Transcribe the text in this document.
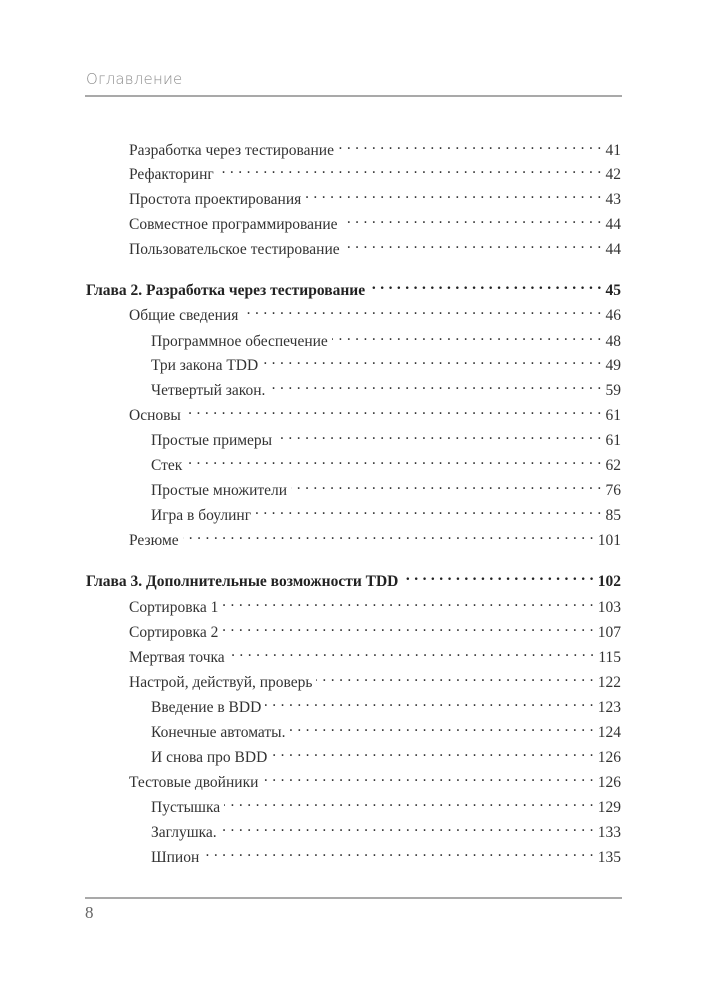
Оглавление
Разработка через тестирование . . .	41
Рефакторинг . . .	42
Простота проектирования . . .	43
Совместное программирование . . .	44
Пользовательское тестирование . . .	44
Глава 2. Разработка через тестирование . . .	45
Общие сведения . . .	46
Программное обеспечение . . .	48
Три закона TDD . . .	49
Четвертый закон. . . .	59
Основы . . .	61
Простые примеры . . .	61
Стек . . .	62
Простые множители . . .	76
Игра в боулинг . . .	85
Резюме . . .	101
Глава 3. Дополнительные возможности TDD . . .	102
Сортировка 1 . . .	103
Сортировка 2 . . .	107
Мертвая точка . . .	115
Настрой, действуй, проверь . . .	122
Введение в BDD . . .	123
Конечные автоматы. . . .	124
И снова про BDD . . .	126
Тестовые двойники . . .	126
Пустышка . . .	129
Заглушка. . . .	133
Шпион . . .	135
8
